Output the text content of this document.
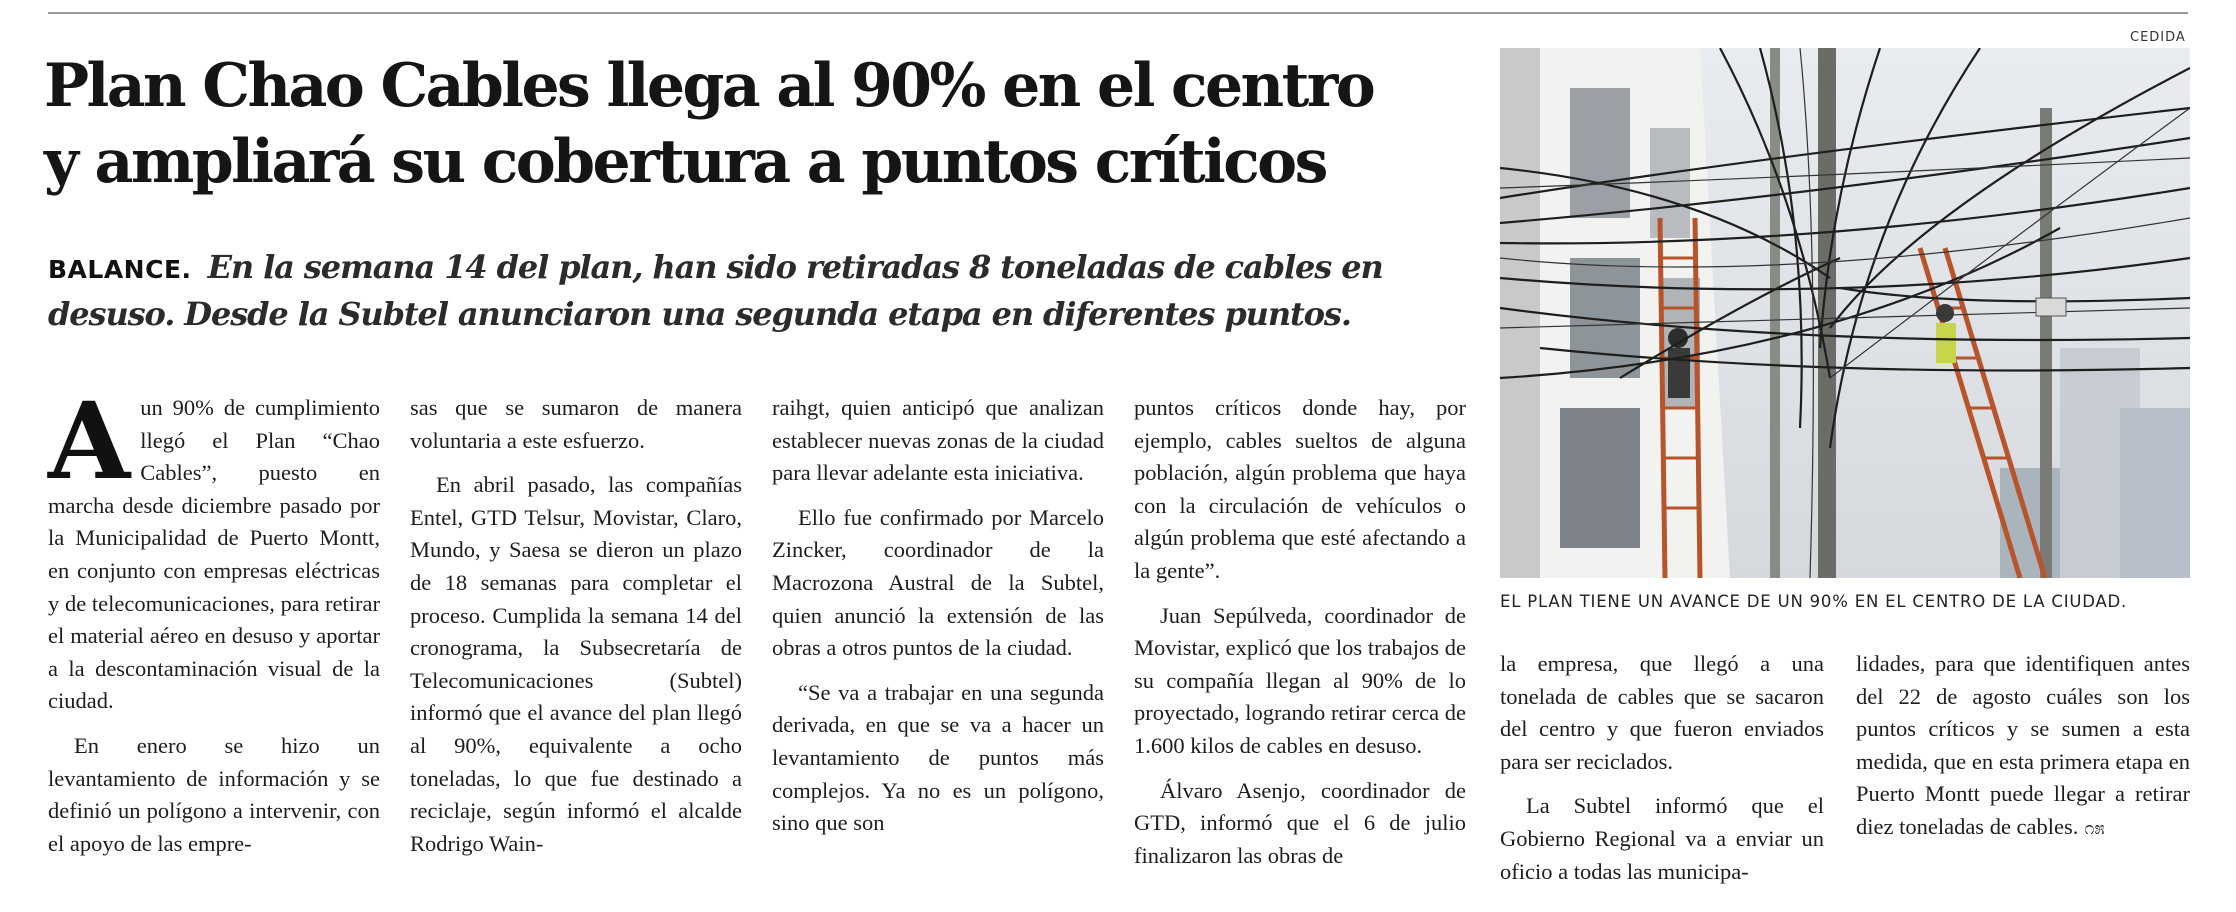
Plan Chao Cables llega al 90% en el centro
y ampliará su cobertura a puntos críticos
BALANCE. En la semana 14 del plan, han sido retiradas 8 toneladas de cables en desuso. Desde la Subtel anunciaron una segunda etapa en diferentes puntos.

Aun 90% de cumplimiento llegó el Plan “Chao Cables”, puesto en marcha desde diciembre pasado por la Municipalidad de Puerto Montt, en conjunto con empresas eléctricas y de telecomunicaciones, para retirar el material aéreo en desuso y aportar a la descontaminación visual de la ciudad.

En enero se hizo un levantamiento de información y se definió un polígono a intervenir, con el apoyo de las empre-

sas que se sumaron de manera voluntaria a este esfuerzo.

En abril pasado, las compañías Entel, GTD Telsur, Movistar, Claro, Mundo, y Saesa se dieron un plazo de 18 semanas para completar el proceso. Cumplida la semana 14 del cronograma, la Subsecretaría de Telecomunicaciones (Subtel) informó que el avance del plan llegó al 90%, equivalente a ocho toneladas, lo que fue destinado a reciclaje, según informó el alcalde Rodrigo Wain-

raihgt, quien anticipó que analizan establecer nuevas zonas de la ciudad para llevar adelante esta iniciativa.

Ello fue confirmado por Marcelo Zincker, coordinador de la Macrozona Austral de la Subtel, quien anunció la extensión de las obras a otros puntos de la ciudad.

“Se va a trabajar en una segunda derivada, en que se va a hacer un levantamiento de puntos más complejos. Ya no es un polígono, sino que son

puntos críticos donde hay, por ejemplo, cables sueltos de alguna población, algún problema que haya con la circulación de vehículos o algún problema que esté afectando a la gente”.

Juan Sepúlveda, coordinador de Movistar, explicó que los trabajos de su compañía llegan al 90% de lo proyectado, logrando retirar cerca de 1.600 kilos de cables en desuso.

Álvaro Asenjo, coordinador de GTD, informó que el 6 de julio finalizaron las obras de

la empresa, que llegó a una tonelada de cables que se sacaron del centro y que fueron enviados para ser reciclados.

La Subtel informó que el Gobierno Regional va a enviar un oficio a todas las municipa-

lidades, para que identifiquen antes del 22 de agosto cuáles son los puntos críticos y se sumen a esta medida, que en esta primera etapa en Puerto Montt puede llegar a retirar diez toneladas de cables. ೧೫

CEDIDA
EL PLAN TIENE UN AVANCE DE UN 90% EN EL CENTRO DE LA CIUDAD.
